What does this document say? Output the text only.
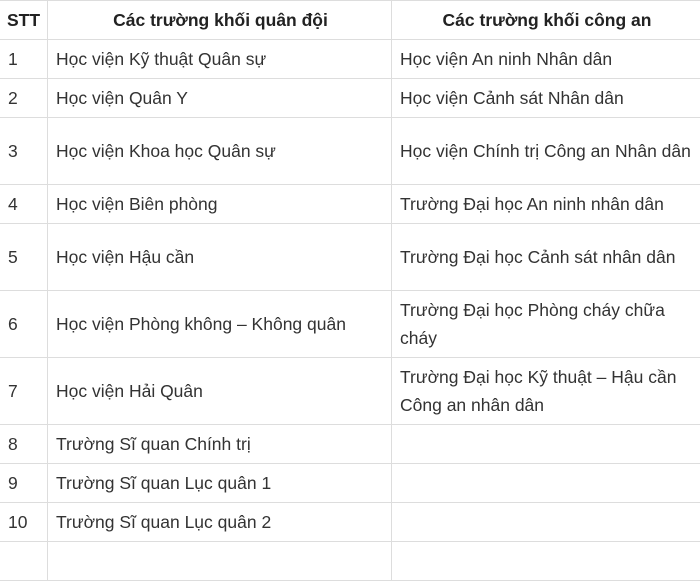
STT	Các trường khối quân đội	Các trường khối công an
1	Học viện Kỹ thuật Quân sự	Học viện An ninh Nhân dân
2	Học viện Quân Y	Học viện Cảnh sát Nhân dân
3	Học viện Khoa học Quân sự	Học viện Chính trị Công an Nhân dân
4	Học viện Biên phòng	Trường Đại học An ninh nhân dân
5	Học viện Hậu cần	Trường Đại học Cảnh sát nhân dân
6	Học viện Phòng không – Không quân	Trường Đại học Phòng cháy chữa cháy
7	Học viện Hải Quân	Trường Đại học Kỹ thuật – Hậu cần Công an nhân dân
8	Trường Sĩ quan Chính trị	
9	Trường Sĩ quan Lục quân 1	
10	Trường Sĩ quan Lục quân 2	
